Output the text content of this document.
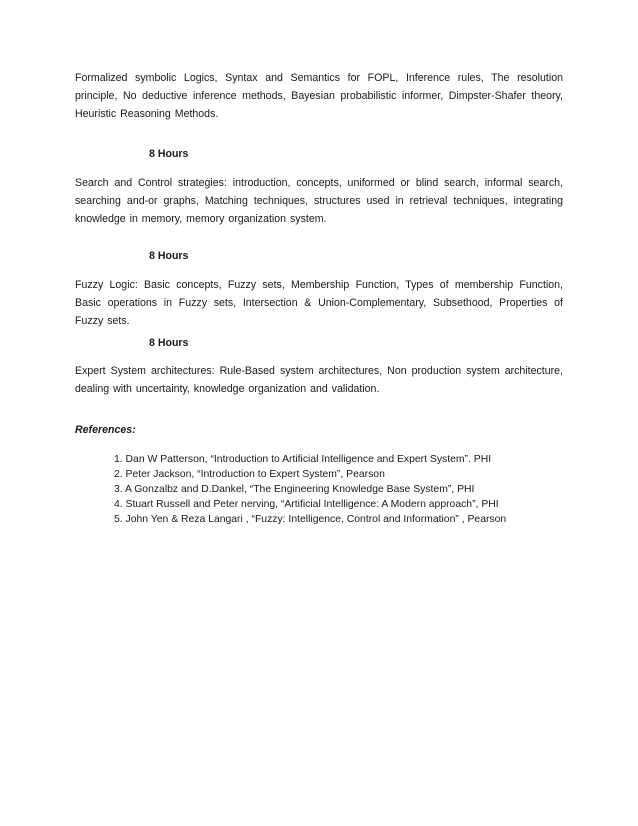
Formalized symbolic Logics, Syntax and Semantics for FOPL, Inference rules, The resolution principle, No deductive inference methods, Bayesian probabilistic informer, Dimpster-Shafer theory, Heuristic Reasoning Methods.

8 Hours

Search and Control strategies: introduction, concepts, uniformed or blind search, informal search, searching and-or graphs, Matching techniques, structures used in retrieval techniques, integrating knowledge in memory, memory organization system.

8 Hours

Fuzzy Logic: Basic concepts, Fuzzy sets, Membership Function, Types of membership Function, Basic operations in Fuzzy sets, Intersection & Union-Complementary, Subsethood, Properties of Fuzzy sets.

8 Hours

Expert System architectures: Rule-Based system architectures, Non production system architecture, dealing with uncertainty, knowledge organization and validation.

References:

1. Dan W Patterson, “Introduction to Artificial Intelligence and Expert System”. PHI
2. Peter Jackson, “Introduction to Expert System”, Pearson
3. A Gonzalbz and D.Dankel, “The Engineering Knowledge Base System”, PHI
4. Stuart Russell and Peter nerving, “Artificial Intelligence: A Modern approach”, PHI
5. John Yen & Reza Langari , “Fuzzy: Intelligence, Control and Information” , Pearson
